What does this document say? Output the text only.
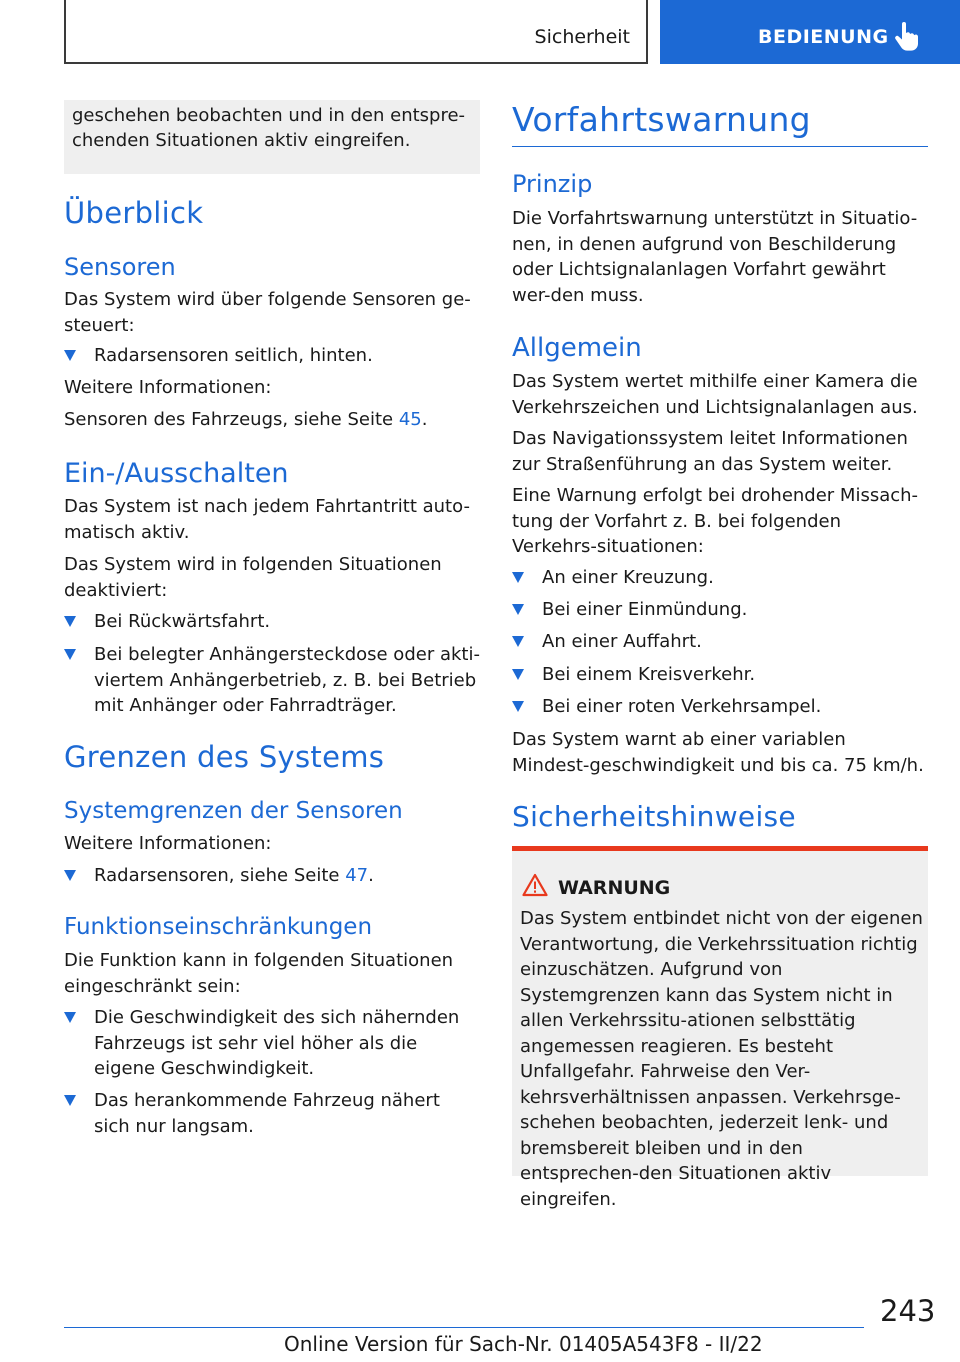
Sicherheit	BEDIENUNG
geschehen beobachten und in den entspre-chenden Situationen aktiv eingreifen.
Überblick
Sensoren
Das System wird über folgende Sensoren ge-steuert:
Radarsensoren seitlich, hinten.
Weitere Informationen:
Sensoren des Fahrzeugs, siehe Seite 45.
Ein-/Ausschalten
Das System ist nach jedem Fahrtantritt auto-matisch aktiv.
Das System wird in folgenden Situationen deaktiviert:
Bei Rückwärtsfahrt.
Bei belegter Anhängersteckdose oder akti-viertem Anhängerbetrieb, z. B. bei Betrieb mit Anhänger oder Fahrradträger.
Grenzen des Systems
Systemgrenzen der Sensoren
Weitere Informationen:
Radarsensoren, siehe Seite 47.
Funktionseinschränkungen
Die Funktion kann in folgenden Situationen eingeschränkt sein:
Die Geschwindigkeit des sich nähernden Fahrzeugs ist sehr viel höher als die eigene Geschwindigkeit.
Das herankommende Fahrzeug nähert sich nur langsam.
Vorfahrtswarnung
Prinzip
Die Vorfahrtswarnung unterstützt in Situatio-nen, in denen aufgrund von Beschilderung oder Lichtsignalanlagen Vorfahrt gewährt wer-den muss.
Allgemein
Das System wertet mithilfe einer Kamera die Verkehrszeichen und Lichtsignalanlagen aus.
Das Navigationssystem leitet Informationen zur Straßenführung an das System weiter.
Eine Warnung erfolgt bei drohender Missach-tung der Vorfahrt z. B. bei folgenden Verkehrs-situationen:
An einer Kreuzung.
Bei einer Einmündung.
An einer Auffahrt.
Bei einem Kreisverkehr.
Bei einer roten Verkehrsampel.
Das System warnt ab einer variablen Mindest-geschwindigkeit und bis ca. 75 km/h.
Sicherheitshinweise
WARNUNG
Das System entbindet nicht von der eigenen Verantwortung, die Verkehrssituation richtig einzuschätzen. Aufgrund von Systemgrenzen kann das System nicht in allen Verkehrssitu-ationen selbsttätig angemessen reagieren. Es besteht Unfallgefahr. Fahrweise den Ver-kehrsverhältnissen anpassen. Verkehrsge-schehen beobachten, jederzeit lenk- und bremsbereit bleiben und in den entsprechen-den Situationen aktiv eingreifen.
243
Online Version für Sach-Nr. 01405A543F8 - II/22
